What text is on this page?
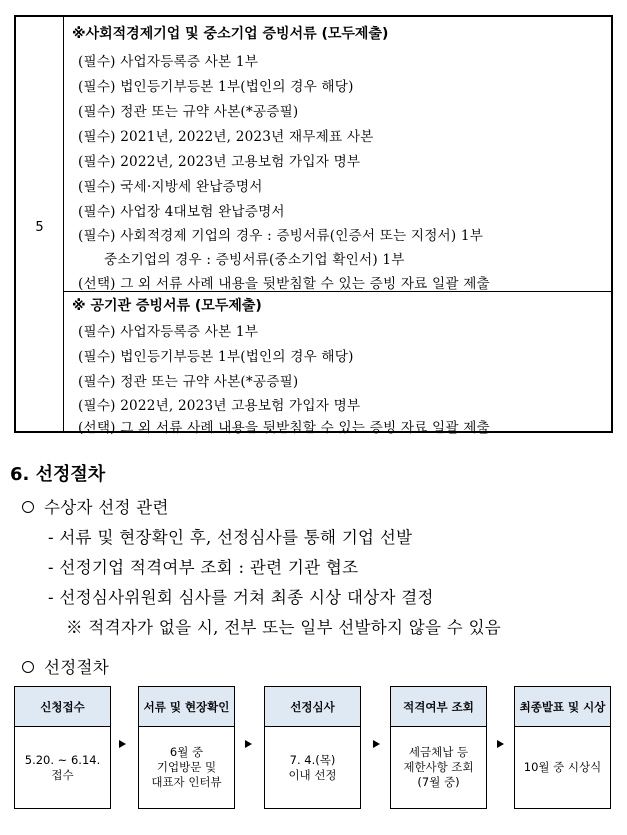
5
※사회적경제기업 및 중소기업 증빙서류 (모두제출)
(필수) 사업자등록증 사본 1부
(필수) 법인등기부등본 1부(법인의 경우 해당)
(필수) 정관 또는 규약 사본(*공증필)
(필수) 2021년, 2022년, 2023년 재무제표 사본
(필수) 2022년, 2023년 고용보험 가입자 명부
(필수) 국세·지방세 완납증명서
(필수) 사업장 4대보험 완납증명서
(필수) 사회적경제 기업의 경우 : 증빙서류(인증서 또는 지정서) 1부
중소기업의 경우 : 증빙서류(중소기업 확인서) 1부
(선택) 그 외 서류 사례 내용을 뒷받침할 수 있는 증빙 자료 일괄 제출
※ 공기관 증빙서류 (모두제출)
(필수) 사업자등록증 사본 1부
(필수) 법인등기부등본 1부(법인의 경우 해당)
(필수) 정관 또는 규약 사본(*공증필)
(필수) 2022년, 2023년 고용보험 가입자 명부
(선택) 그 외 서류 사례 내용을 뒷받침할 수 있는 증빙 자료 일괄 제출
6. 선정절차
수상자 선정 관련
- 서류 및 현장확인 후, 선정심사를 통해 기업 선발
- 선정기업 적격여부 조회 : 관련 기관 협조
- 선정심사위원회 심사를 거쳐 최종 시상 대상자 결정
※ 적격자가 없을 시, 전부 또는 일부 선발하지 않을 수 있음
선정절차
신청접수
5.20. ~ 6.14.
접수
서류 및 현장확인
6월 중
기업방문 및
대표자 인터뷰
선정심사
7. 4.(목)
이내 선정
적격여부 조회
세금체납 등
제한사항 조회
(7월 중)
최종발표 및 시상
10월 중 시상식
